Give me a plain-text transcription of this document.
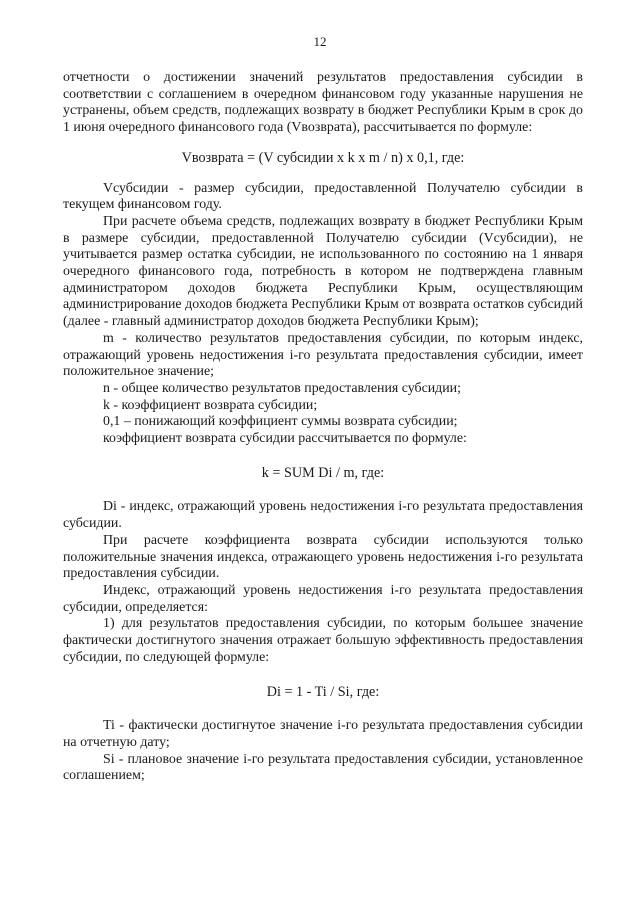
12

отчетности о достижении значений результатов предоставления субсидии в соответствии с соглашением в очередном финансовом году указанные нарушения не устранены, объем средств, подлежащих возврату в бюджет Республики Крым в срок до 1 июня очередного финансового года (Vвозврата), рассчитывается по формуле:

Vвозврата = (V субсидии x k x m / n) x 0,1, где:

Vсубсидии - размер субсидии, предоставленной Получателю субсидии в текущем финансовом году.

При расчете объема средств, подлежащих возврату в бюджет Республики Крым в размере субсидии, предоставленной Получателю субсидии (Vсубсидии), не учитывается размер остатка субсидии, не использованного по состоянию на 1 января очередного финансового года, потребность в котором не подтверждена главным администратором доходов бюджета Республики Крым, осуществляющим администрирование доходов бюджета Республики Крым от возврата остатков субсидий (далее - главный администратор доходов бюджета Республики Крым);

m - количество результатов предоставления субсидии, по которым индекс, отражающий уровень недостижения i-го результата предоставления субсидии, имеет положительное значение;

n - общее количество результатов предоставления субсидии;

k - коэффициент возврата субсидии;

0,1 – понижающий коэффициент суммы возврата субсидии;

коэффициент возврата субсидии рассчитывается по формуле:

k = SUM Di / m, где:

Di - индекс, отражающий уровень недостижения i-го результата предоставления субсидии.

При расчете коэффициента возврата субсидии используются только положительные значения индекса, отражающего уровень недостижения i-го результата предоставления субсидии.

Индекс, отражающий уровень недостижения i-го результата предоставления субсидии, определяется:

1) для результатов предоставления субсидии, по которым большее значение фактически достигнутого значения отражает большую эффективность предоставления субсидии, по следующей формуле:

Di = 1 - Ti / Si, где:

Ti - фактически достигнутое значение i-го результата предоставления субсидии на отчетную дату;

Si - плановое значение i-го результата предоставления субсидии, установленное соглашением;
